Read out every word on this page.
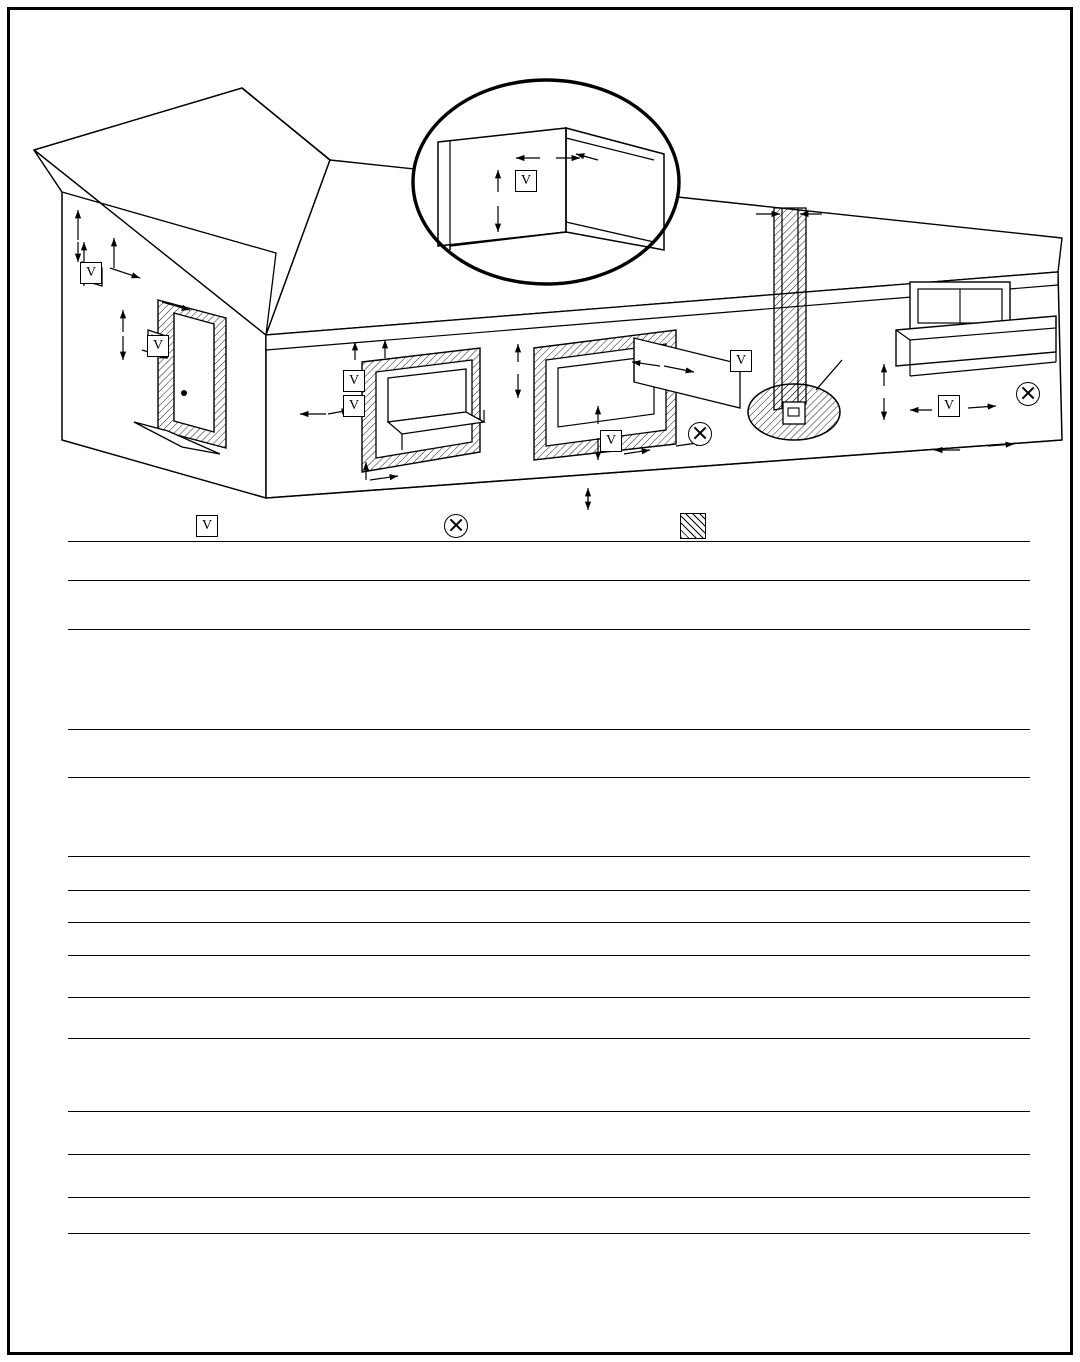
V
V
V
V
V
V
V
V
V
